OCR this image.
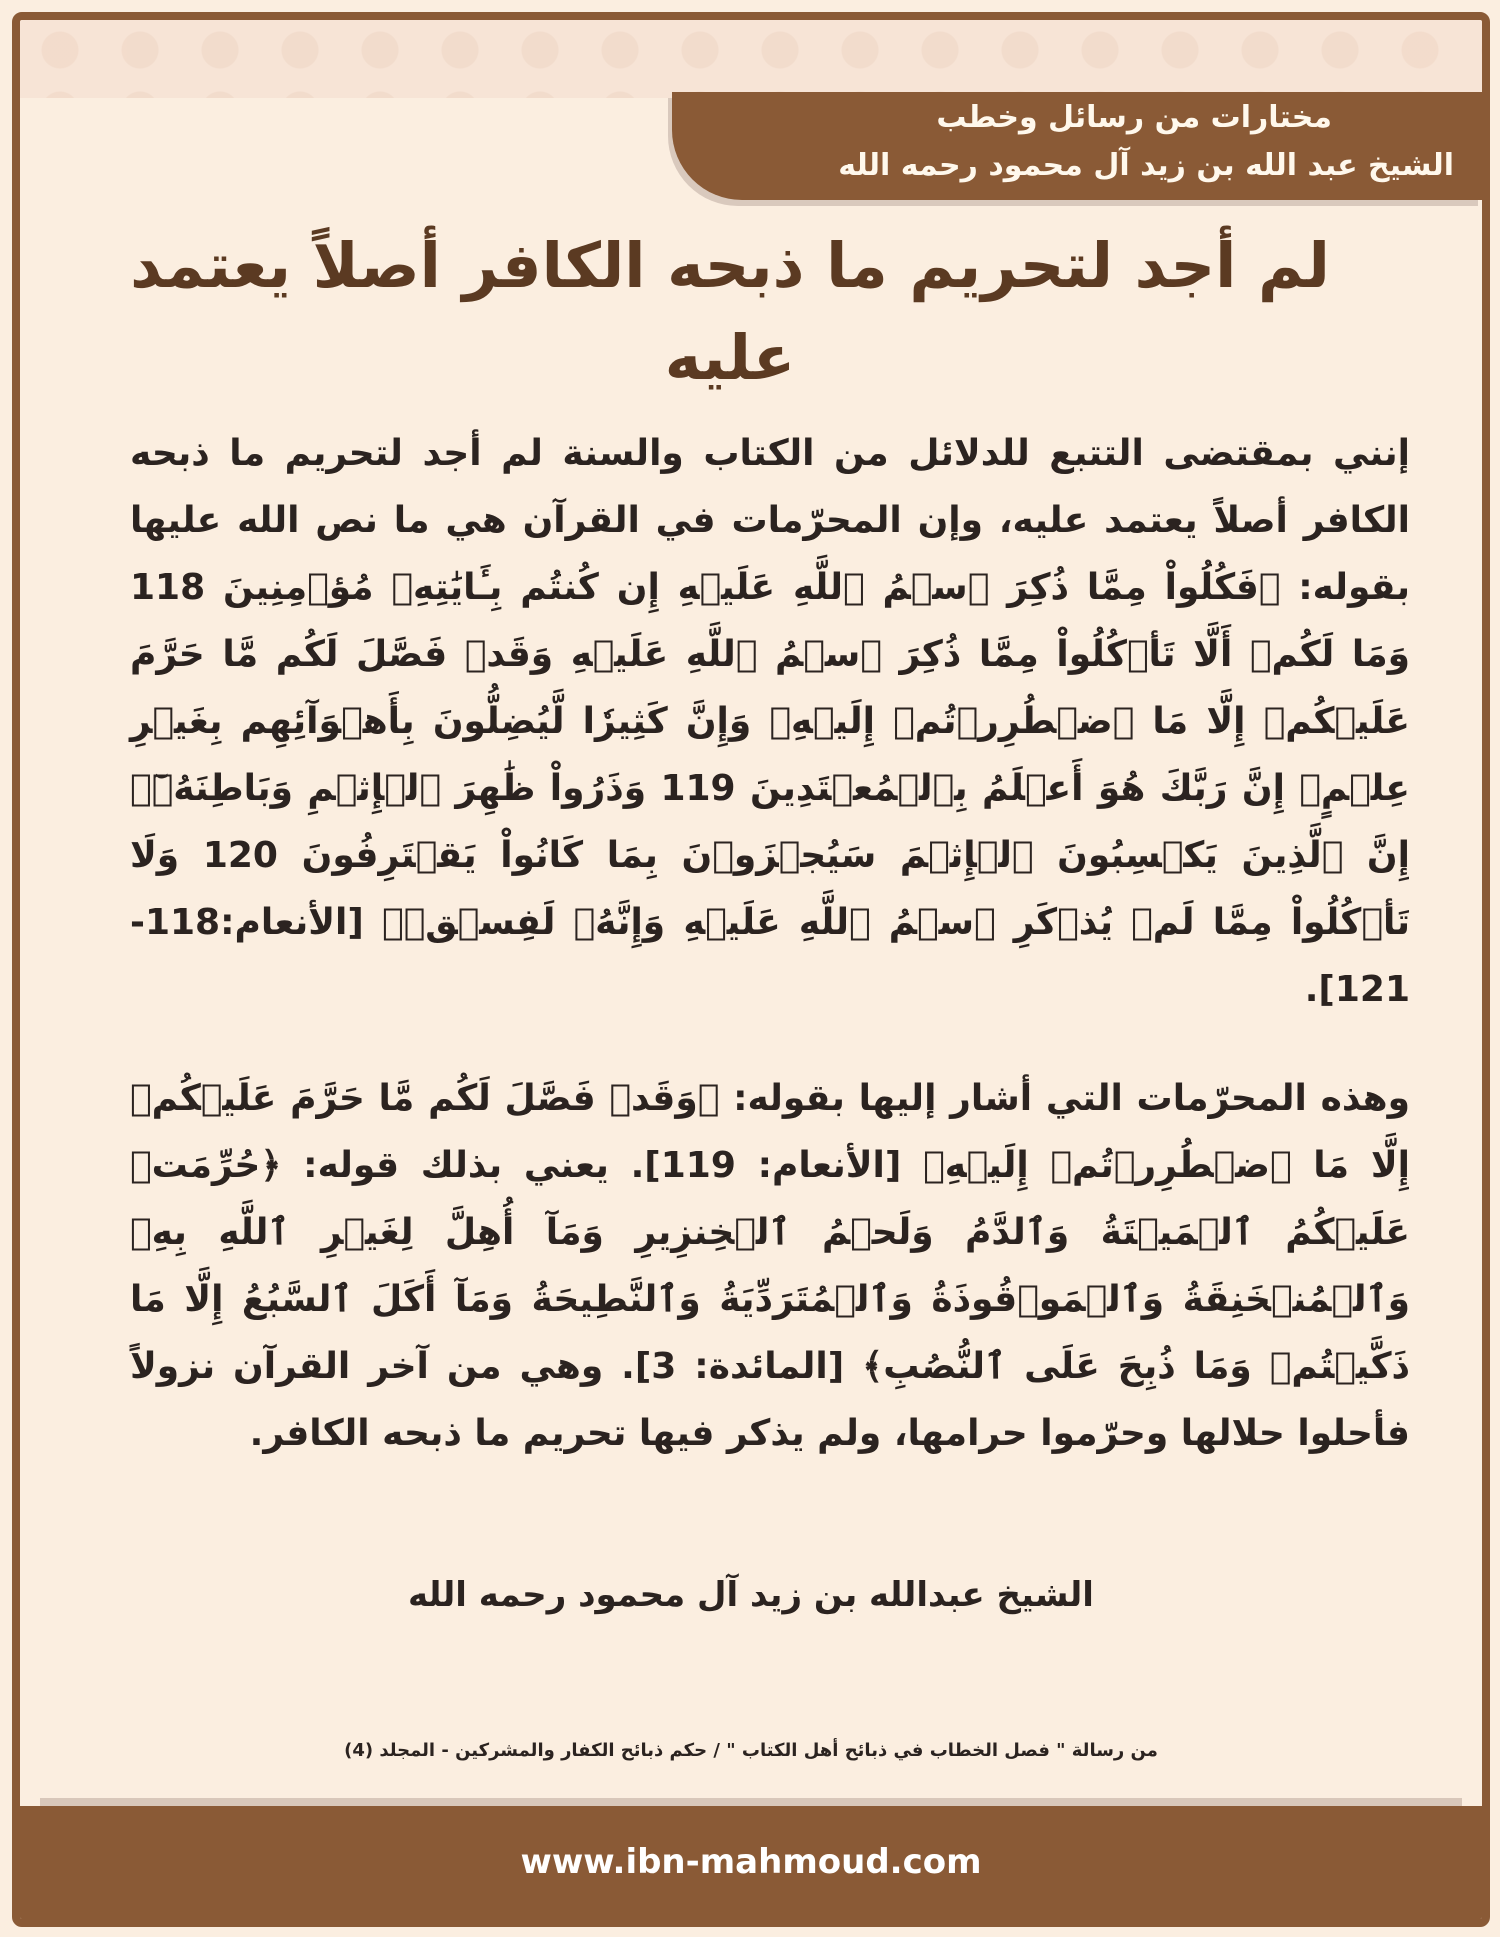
مختارات من رسائل وخطب
الشيخ عبد الله بن زيد آل محمود رحمه الله
لم أجد لتحريم ما ذبحه الكافر أصلاً يعتمد عليه

إنني بمقتضى التتبع للدلائل من الكتاب والسنة لم أجد لتحريم ما ذبحه الكافر أصلاً يعتمد عليه، وإن المحرّمات في القرآن هي ما نص الله عليها بقوله: ﴿فَكُلُواْ مِمَّا ذُكِرَ ٱسۡمُ ٱللَّهِ عَلَيۡهِ إِن كُنتُم بِـَٔايَٰتِهِۦ مُؤۡمِنِينَ 118 وَمَا لَكُمۡ أَلَّا تَأۡكُلُواْ مِمَّا ذُكِرَ ٱسۡمُ ٱللَّهِ عَلَيۡهِ وَقَدۡ فَصَّلَ لَكُم مَّا حَرَّمَ عَلَيۡكُمۡ إِلَّا مَا ٱضۡطُرِرۡتُمۡ إِلَيۡهِۗ وَإِنَّ كَثِيرٗا لَّيُضِلُّونَ بِأَهۡوَآئِهِم بِغَيۡرِ عِلۡمٍۚ إِنَّ رَبَّكَ هُوَ أَعۡلَمُ بِٱلۡمُعۡتَدِينَ 119 وَذَرُواْ ظَٰهِرَ ٱلۡإِثۡمِ وَبَاطِنَهُۥٓۚ إِنَّ ٱلَّذِينَ يَكۡسِبُونَ ٱلۡإِثۡمَ سَيُجۡزَوۡنَ بِمَا كَانُواْ يَقۡتَرِفُونَ 120 وَلَا تَأۡكُلُواْ مِمَّا لَمۡ يُذۡكَرِ ٱسۡمُ ٱللَّهِ عَلَيۡهِ وَإِنَّهُۥ لَفِسۡقٞ﴾ [الأنعام:118-121].

وهذه المحرّمات التي أشار إليها بقوله: ﴿وَقَدۡ فَصَّلَ لَكُم مَّا حَرَّمَ عَلَيۡكُمۡ إِلَّا مَا ٱضۡطُرِرۡتُمۡ إِلَيۡهِ﴾ [الأنعام: 119]. يعني بذلك قوله: ﴿حُرِّمَتۡ عَلَيۡكُمُ ٱلۡمَيۡتَةُ وَٱلدَّمُ وَلَحۡمُ ٱلۡخِنزِيرِ وَمَآ أُهِلَّ لِغَيۡرِ ٱللَّهِ بِهِۦ وَٱلۡمُنۡخَنِقَةُ وَٱلۡمَوۡقُوذَةُ وَٱلۡمُتَرَدِّيَةُ وَٱلنَّطِيحَةُ وَمَآ أَكَلَ ٱلسَّبُعُ إِلَّا مَا ذَكَّيۡتُمۡ وَمَا ذُبِحَ عَلَى ٱلنُّصُبِ﴾ [المائدة: 3]. وهي من آخر القرآن نزولاً فأحلوا حلالها وحرّموا حرامها، ولم يذكر فيها تحريم ما ذبحه الكافر.

الشيخ عبدالله بن زيد آل محمود رحمه الله
من رسالة " فصل الخطاب في ذبائح أهل الكتاب " / حكم ذبائح الكفار والمشركين - المجلد (4)
www.ibn-mahmoud.com
